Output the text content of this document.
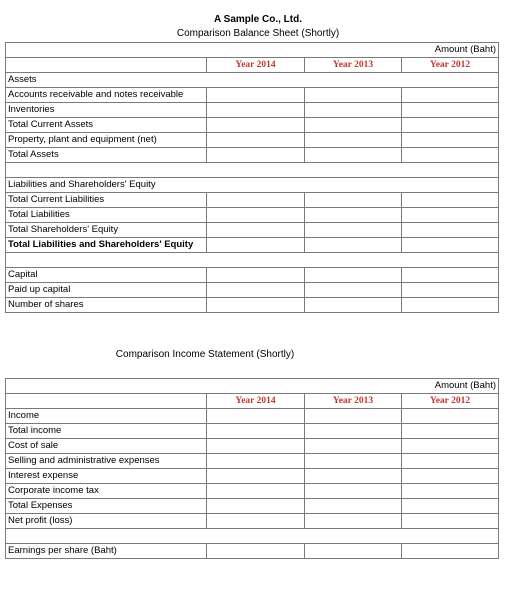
A Sample Co., Ltd.
Comparison Balance Sheet (Shortly)
Amount (Baht)			
	Year 2014	Year 2013	Year 2012
Assets			
Accounts receivable and notes receivable			
Inventories			
Total Current Assets			
Property, plant and equipment (net)			
Total Assets			

Liabilities and Shareholders' Equity			
Total Current Liabilities			
Total Liabilities			
Total Shareholders' Equity			
Total Liabilities and Shareholders' Equity			

Capital			
Paid up capital			
Number of shares			
Comparison Income Statement (Shortly)
Amount (Baht)			
	Year 2014	Year 2013	Year 2012
Income			
Total income			
Cost of sale			
Selling and administrative expenses			
Interest expense			
Corporate income tax			
Total Expenses			
Net profit (loss)			

Earnings per share (Baht)			
